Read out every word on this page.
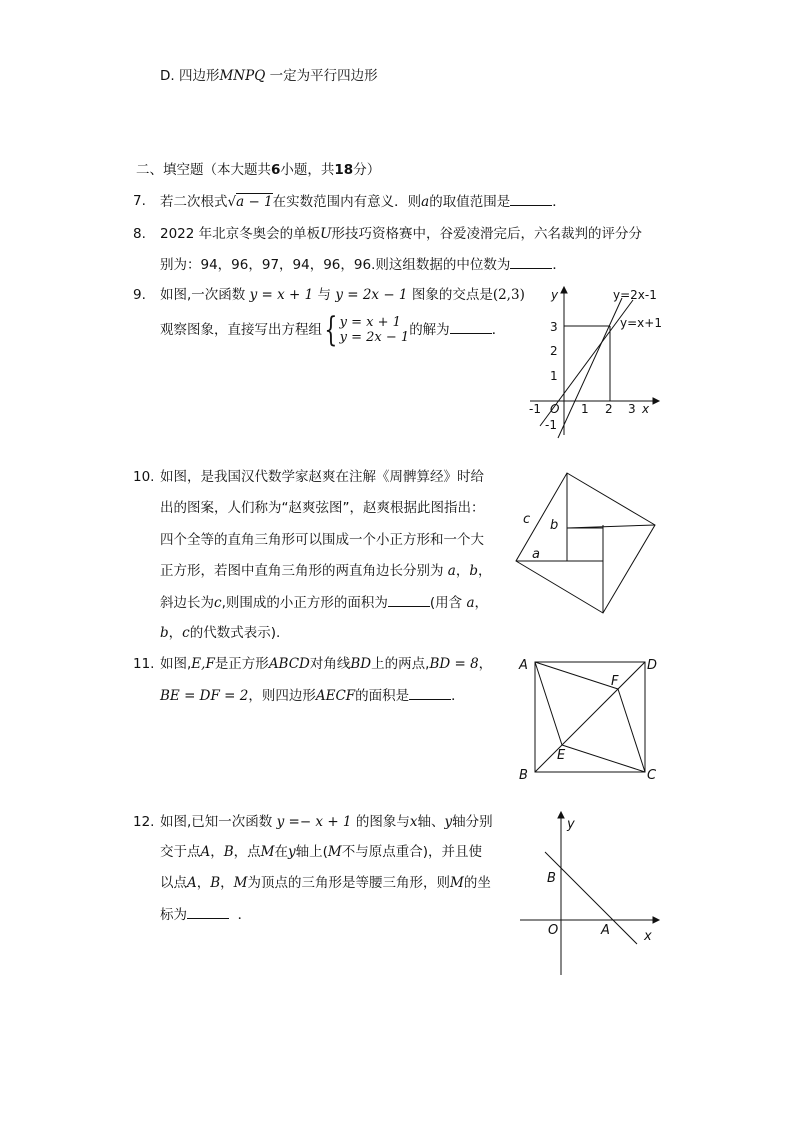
D. 四边形MNPQ 一定为平行四边形
二、填空题（本大题共6小题，共18分）
7. 若二次根式√a − 1在实数范围内有意义．则a的取值范围是	．
8. 2022 年北京冬奥会的单板U形技巧资格赛中，谷爱凌滑完后，六名裁判的评分分
别为：94，96，97，94，96，96.则这组数据的中位数为	．
9. 如图,一次函数 y = x + 1 与 y = 2x − 1 图象的交点是(2,3)
观察图象，直接写出方程组{ y = x + 1
y = 2x − 1的解为	．
y=2x-1
y=x+1
y
x
O
-1	1 2 3
3
2
1
-1
10. 如图，是我国汉代数学家赵爽在注解《周髀算经》时给
出的图案，人们称为“赵爽弦图”，赵爽根据此图指出：
四个全等的直角三角形可以围成一个小正方形和一个大
正方形，若图中直角三角形的两直角边长分别为 a，b，
斜边长为c,则围成的小正方形的面积为	(用含 a，
b，c的代数式表示).
c b
a
11. 如图,E,F是正方形ABCD对角线BD上的两点,BD = 8，
BE = DF = 2，则四边形AECF的面积是	．
A	D
B	C
F
E
12. 如图,已知一次函数 y =− x + 1 的图象与x轴、y轴分别
交于点A，B，点M在y轴上(M不与原点重合)，并且使
以点A，B，M为顶点的三角形是等腰三角形，则M的坐
标为	．
y
x
B
O	A
